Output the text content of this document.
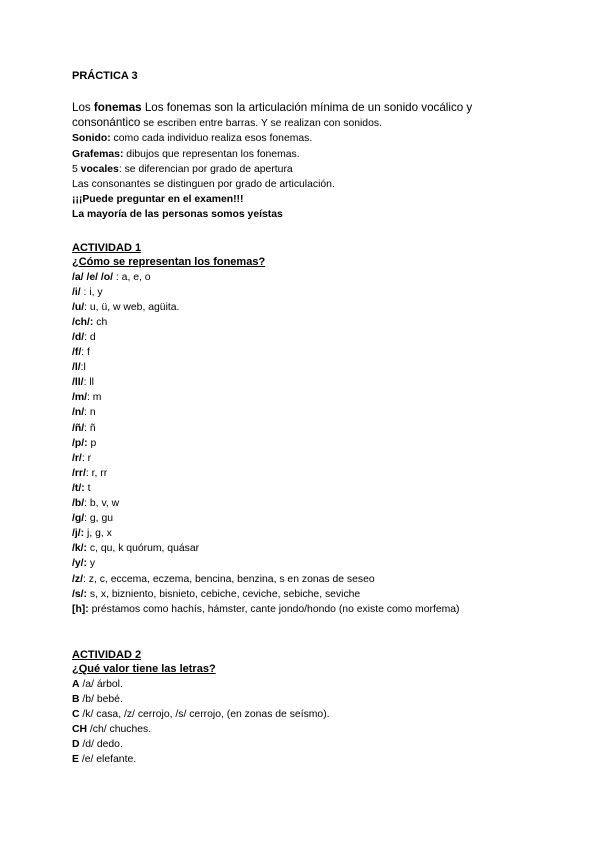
PRÁCTICA 3
Los fonemas Los fonemas son la articulación mínima de un sonido vocálico y
consonántico se escriben entre barras. Y se realizan con sonidos.
Sonido: como cada individuo realiza esos fonemas.
Grafemas: dibujos que representan los fonemas.
5 vocales: se diferencian por grado de apertura
Las consonantes se distinguen por grado de articulación.
¡¡¡Puede preguntar en el examen!!!
La mayoría de las personas somos yeístas
ACTIVIDAD 1
¿Cómo se representan los fonemas?
/a/ /e/ /o/ : a, e, o
/i/ : i, y
/u/: u, ü, w web, agüita.
/ch/: ch
/d/: d
/f/: f
/l/:l
/ll/: ll
/m/: m
/n/: n
/ñ/: ñ
/p/: p
/r/: r
/rr/: r, rr
/t/: t
/b/: b, v, w
/g/: g, gu
/j/: j, g, x
/k/: c, qu, k quórum, quásar
/y/: y
/z/: z, c, eccema, eczema, bencina, benzina, s en zonas de seseo
/s/: s, x, bizniento, bisnieto, cebiche, ceviche, sebiche, seviche
[h]: préstamos como hachís, hámster, cante jondo/hondo (no existe como morfema)
ACTIVIDAD 2
¿Qué valor tiene las letras?
A /a/ árbol.
B /b/ bebé.
C /k/ casa, /z/ cerrojo, /s/ cerrojo, (en zonas de seísmo).
CH /ch/ chuches.
D /d/ dedo.
E /e/ elefante.
